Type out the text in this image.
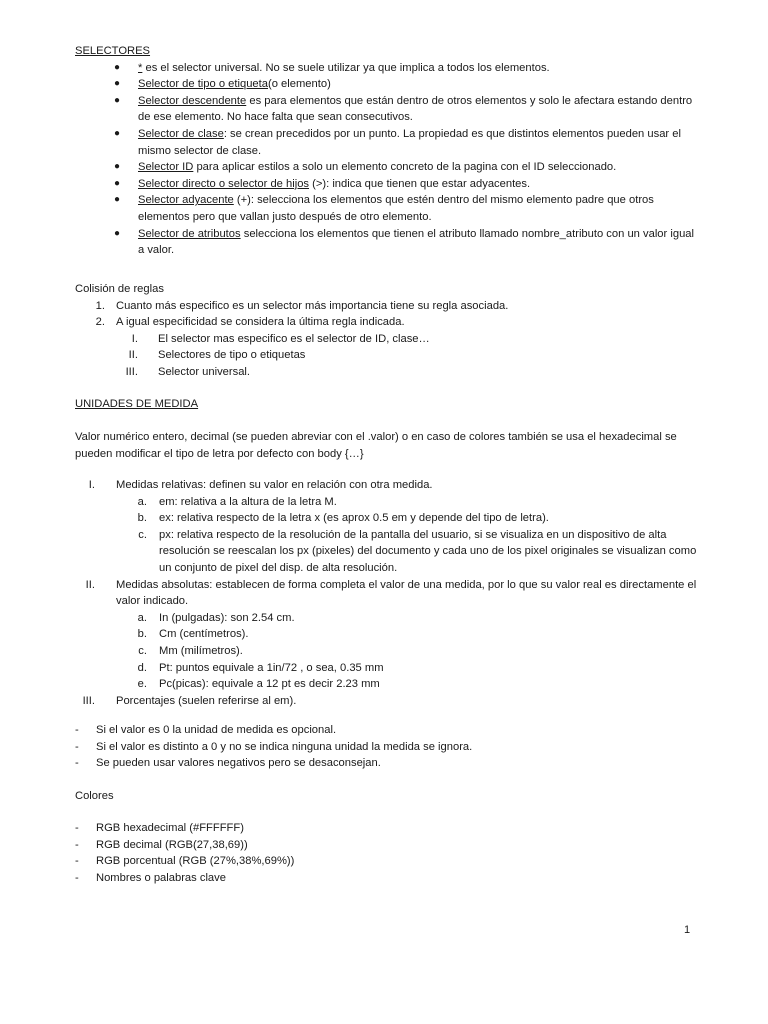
SELECTORES

● * es el selector universal. No se suele utilizar ya que implica a todos los elementos.
● Selector de tipo o etiqueta(o elemento)
● Selector descendente es para elementos que están dentro de otros elementos y solo le afectara estando dentro de ese elemento. No hace falta que sean consecutivos.
● Selector de clase: se crean precedidos por un punto. La propiedad es que distintos elementos pueden usar el mismo selector de clase.
● Selector ID para aplicar estilos a solo un elemento concreto de la pagina con el ID seleccionado.
● Selector directo o selector de hijos (>): indica que tienen que estar adyacentes.
● Selector adyacente (+): selecciona los elementos que estén dentro del mismo elemento padre que otros elementos pero que vallan justo después de otro elemento.
● Selector de atributos selecciona los elementos que tienen el atributo llamado nombre_atributo con un valor igual a valor.

Colisión de reglas

1. Cuanto más especifico es un selector más importancia tiene su regla asociada.
2. A igual especificidad se considera la última regla indicada.
I. El selector mas especifico es el selector de ID, clase…
II. Selectores de tipo o etiquetas
III. Selector universal.

UNIDADES DE MEDIDA

Valor numérico entero, decimal (se pueden abreviar con el .valor) o en caso de colores también se usa el hexadecimal se pueden modificar el tipo de letra por defecto con body {…}

I. Medidas relativas: definen su valor en relación con otra medida.
a. em: relativa a la altura de la letra M.
b. ex: relativa respecto de la letra x (es aprox 0.5 em y depende del tipo de letra).
c. px: relativa respecto de la resolución de la pantalla del usuario, si se visualiza en un dispositivo de alta resolución se reescalan los px (pixeles) del documento y cada uno de los pixel originales se visualizan como un conjunto de pixel del disp. de alta resolución.
II. Medidas absolutas: establecen de forma completa el valor de una medida, por lo que su valor real es directamente el valor indicado.
a. In (pulgadas): son 2.54 cm.
b. Cm (centímetros).
c. Mm (milímetros).
d. Pt: puntos equivale a 1in/72 , o sea, 0.35 mm
e. Pc(picas): equivale a 12 pt es decir 2.23 mm
III. Porcentajes (suelen referirse al em).
- Si el valor es 0 la unidad de medida es opcional.
- Si el valor es distinto a 0 y no se indica ninguna unidad la medida se ignora.
- Se pueden usar valores negativos pero se desaconsejan.

Colores

- RGB hexadecimal (#FFFFFF)
- RGB decimal (RGB(27,38,69))
- RGB porcentual (RGB (27%,38%,69%))
- Nombres o palabras clave
1
